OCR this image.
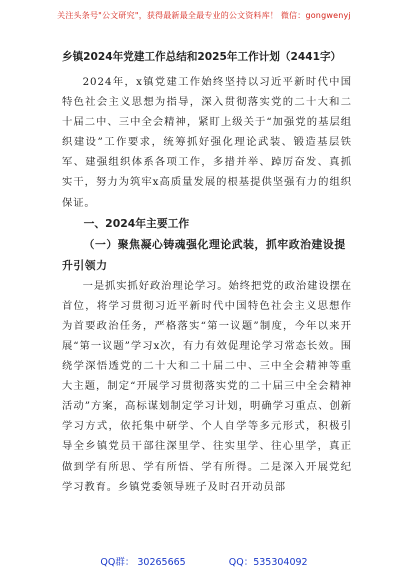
关注头条号"公文研究"，获得最新最全最专业的公文资料库！ 微信：gongwenyj
乡镇2024年党建工作总结和2025年工作计划（2441字）

2024年，x镇党建工作始终坚持以习近平新时代中国特色社会主义思想为指导，深入贯彻落实党的二十大和二十届二中、三中全会精神，紧盯上级关于“加强党的基层组织建设”工作要求，统筹抓好强化理论武装、锻造基层铁军、建强组织体系各项工作，多措并举、踔厉奋发、真抓实干，努力为筑牢x高质量发展的根基提供坚强有力的组织保证。

一、2024年主要工作

（一）聚焦凝心铸魂强化理论武装，抓牢政治建设提升引领力

一是抓实抓好政治理论学习。始终把党的政治建设摆在首位，将学习贯彻习近平新时代中国特色社会主义思想作为首要政治任务，严格落实“第一议题”制度，今年以来开展“第一议题”学习x次，有力有效促理论学习常态长效。围绕学深悟透党的二十大和二十届二中、三中全会精神等重大主题，制定“开展学习贯彻落实党的二十届三中全会精神活动”方案，高标谋划制定学习计划，明确学习重点、创新学习方式，依托集中研学、个人自学等多元形式，积极引导全乡镇党员干部往深里学、往实里学、往心里学，真正做到学有所思、学有所悟、学有所得。二是深入开展党纪学习教育。乡镇党委领导班子及时召开动员部

QQ群： 30265665	QQ：535304092
